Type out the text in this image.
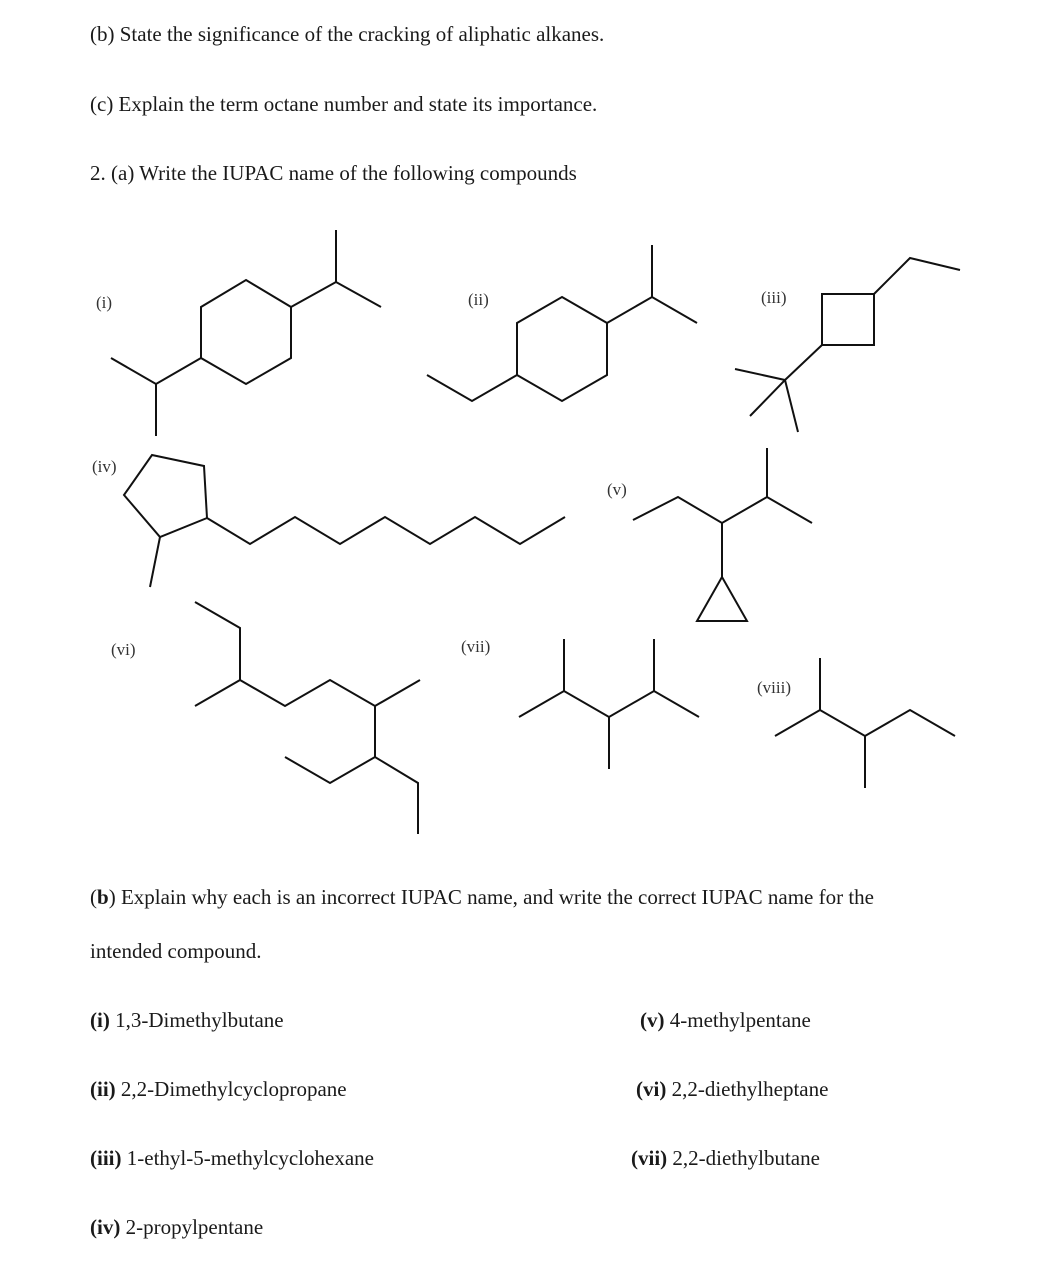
(b) State the significance of the cracking of aliphatic alkanes.
(c) Explain the term octane number and state its importance.
2. (a) Write the IUPAC name of the following compounds
(i)	(ii)	(iii)
(iv)
(v)
(vi)	(vii)
(viii)
(b) Explain why each is an incorrect IUPAC name, and write the correct IUPAC name for the
intended compound.
(i) 1,3-Dimethylbutane
(ii) 2,2-Dimethylcyclopropane
(iii) 1-ethyl-5-methylcyclohexane
(iv) 2-propylpentane
(v) 4-methylpentane
(vi) 2,2-diethylheptane
(vii) 2,2-diethylbutane
